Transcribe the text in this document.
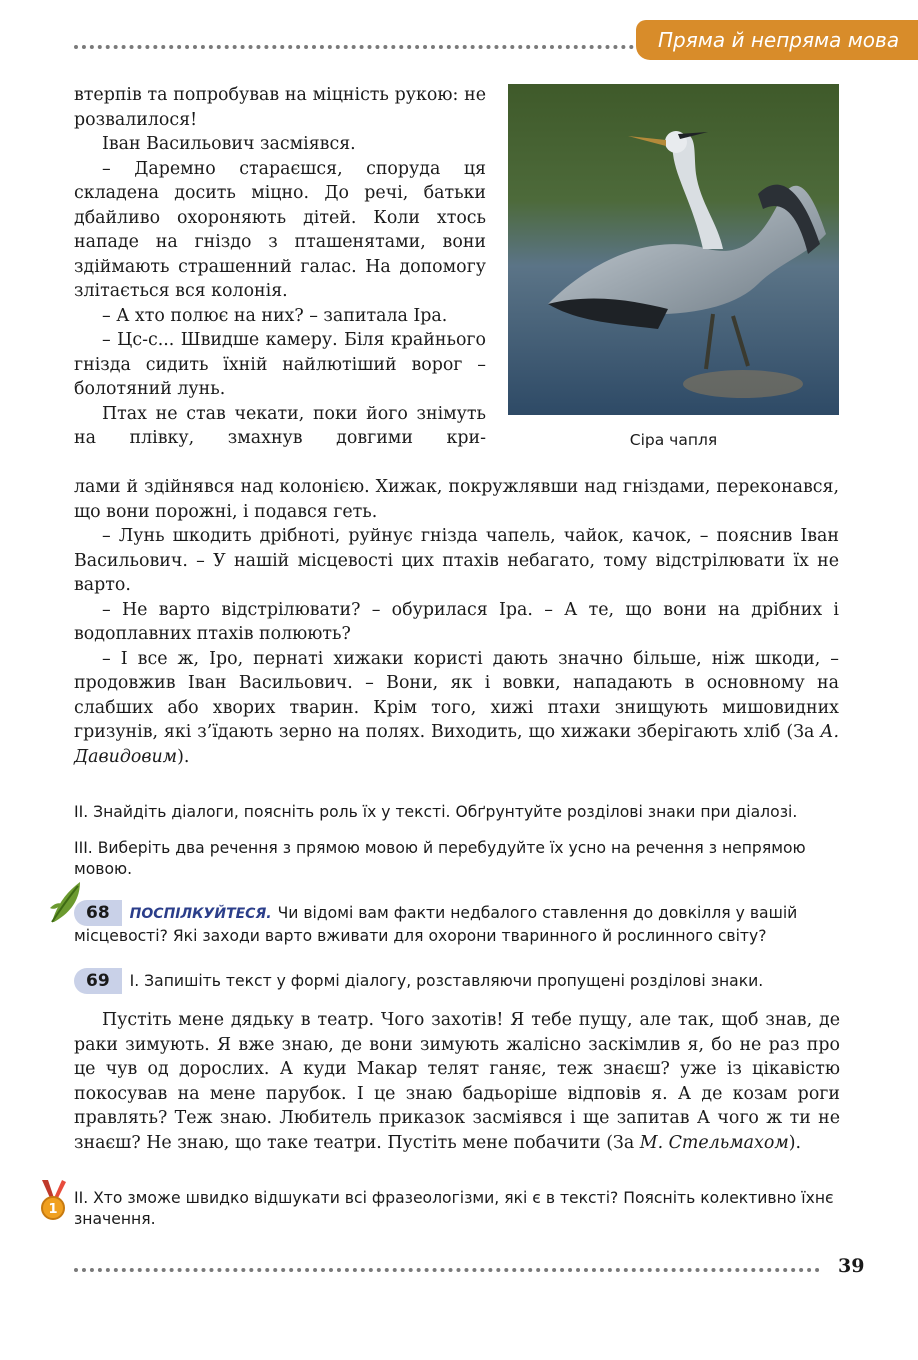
Пряма й непряма мова

втерпів та попробував на міцність рукою: не розвалилося!

Іван Васильович засміявся.

– Даремно стараєшся, споруда ця складена досить міцно. До речі, батьки дбайливо охороняють дітей. Коли хтось нападе на гніздо з пташенятами, вони здіймають страшенний галас. На допомогу злітається вся колонія.

– А хто полює на них? – запитала Іра.

– Цс-с... Швидше камеру. Біля крайнього гнізда сидить їхній найлютіший ворог – болотяний лунь.

Птах не став чекати, поки його знімуть на плівку, змахнув довгими кри-	Сіра чапля

лами й здійнявся над колонією. Хижак, покружлявши над гніздами, переконався, що вони порожні, і подався геть.

– Лунь шкодить дрібноті, руйнує гнізда чапель, чайок, качок, – пояснив Іван Васильович. – У нашій місцевості цих птахів небагато, тому відстрілювати їх не варто.

– Не варто відстрілювати? – обурилася Іра. – А те, що вони на дрібних і водоплавних птахів полюють?

– І все ж, Іро, пернаті хижаки користі дають значно більше, ніж шкоди, – продовжив Іван Васильович. – Вони, як і вовки, нападають в основному на слабших або хворих тварин. Крім того, хижі птахи знищують мишовидних гризунів, які з’їдають зерно на полях. Виходить, що хижаки зберігають хліб (За А. Давидовим).

ІІ. Знайдіть діалоги, поясніть роль їх у тексті. Обґрунтуйте розділові знаки при діалозі.

ІІІ. Виберіть два речення з прямою мовою й перебудуйте їх усно на речення з непрямою мовою.

68 ПОСПІЛКУЙТЕСЯ. Чи відомі вам факти недбалого ставлення до довкілля у вашій місцевості? Які заходи варто вживати для охорони тваринного й рослинного світу?
69 І. Запишіть текст у формі діалогу, розставляючи пропущені розділові знаки.

Пустіть мене дядьку в театр. Чого захотів! Я тебе пущу, але так, щоб знав, де раки зимують. Я вже знаю, де вони зимують жалісно заскімлив я, бо не раз про це чув од дорослих. А куди Макар телят ганяє, теж знаєш? уже із цікавістю покосував на мене парубок. І це знаю бадьоріше відповів я. А де козам роги правлять? Теж знаю. Любитель приказок засміявся і ще запитав А чого ж ти не знаєш? Не знаю, що таке театри. Пустіть мене побачити (За М. Стельмахом).

1
ІІ. Хто зможе швидко відшукати всі фразеологізми, які є в тексті? Поясніть колективно їхнє значення.
39
